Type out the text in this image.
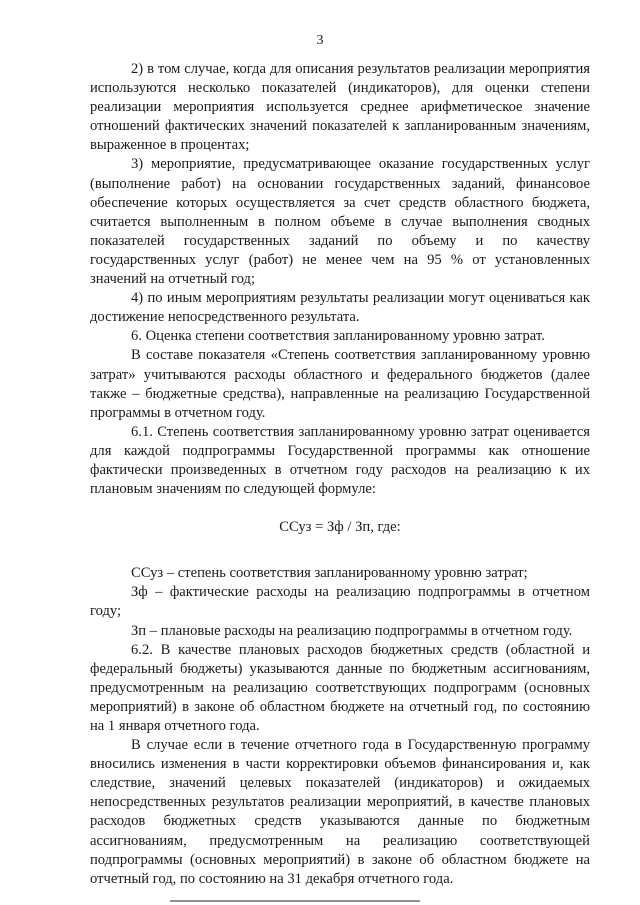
3

2) в том случае, когда для описания результатов реализации мероприятия используются несколько показателей (индикаторов), для оценки степени реализации мероприятия используется среднее арифметическое значение отношений фактических значений показателей к запланированным значениям, выраженное в процентах;

3) мероприятие, предусматривающее оказание государственных услуг (выполнение работ) на основании государственных заданий, финансовое обеспечение которых осуществляется за счет средств областного бюджета, считается выполненным в полном объеме в случае выполнения сводных показателей государственных заданий по объему и по качеству государственных услуг (работ) не менее чем на 95 % от установленных значений на отчетный год;

4) по иным мероприятиям результаты реализации могут оцениваться как достижение непосредственного результата.

6. Оценка степени соответствия запланированному уровню затрат.

В составе показателя «Степень соответствия запланированному уровню затрат» учитываются расходы областного и федерального бюджетов (далее также – бюджетные средства), направленные на реализацию Государственной программы в отчетном году.

6.1. Степень соответствия запланированному уровню затрат оценивается для каждой подпрограммы Государственной программы как отношение фактически произведенных в отчетном году расходов на реализацию к их плановым значениям по следующей формуле:

ССуз = Зф / Зп, где:

ССуз – степень соответствия запланированному уровню затрат;

Зф – фактические расходы на реализацию подпрограммы в отчетном году;

Зп – плановые расходы на реализацию подпрограммы в отчетном году.

6.2. В качестве плановых расходов бюджетных средств (областной и федеральный бюджеты) указываются данные по бюджетным ассигнованиям, предусмотренным на реализацию соответствующих подпрограмм (основных мероприятий) в законе об областном бюджете на отчетный год, по состоянию на 1 января отчетного года.

В случае если в течение отчетного года в Государственную программу вносились изменения в части корректировки объемов финансирования и, как следствие, значений целевых показателей (индикаторов) и ожидаемых непосредственных результатов реализации мероприятий, в качестве плановых расходов бюджетных средств указываются данные по бюджетным ассигнованиям, предусмотренным на реализацию соответствующей подпрограммы (основных мероприятий) в законе об областном бюджете на отчетный год, по состоянию на 31 декабря отчетного года.
